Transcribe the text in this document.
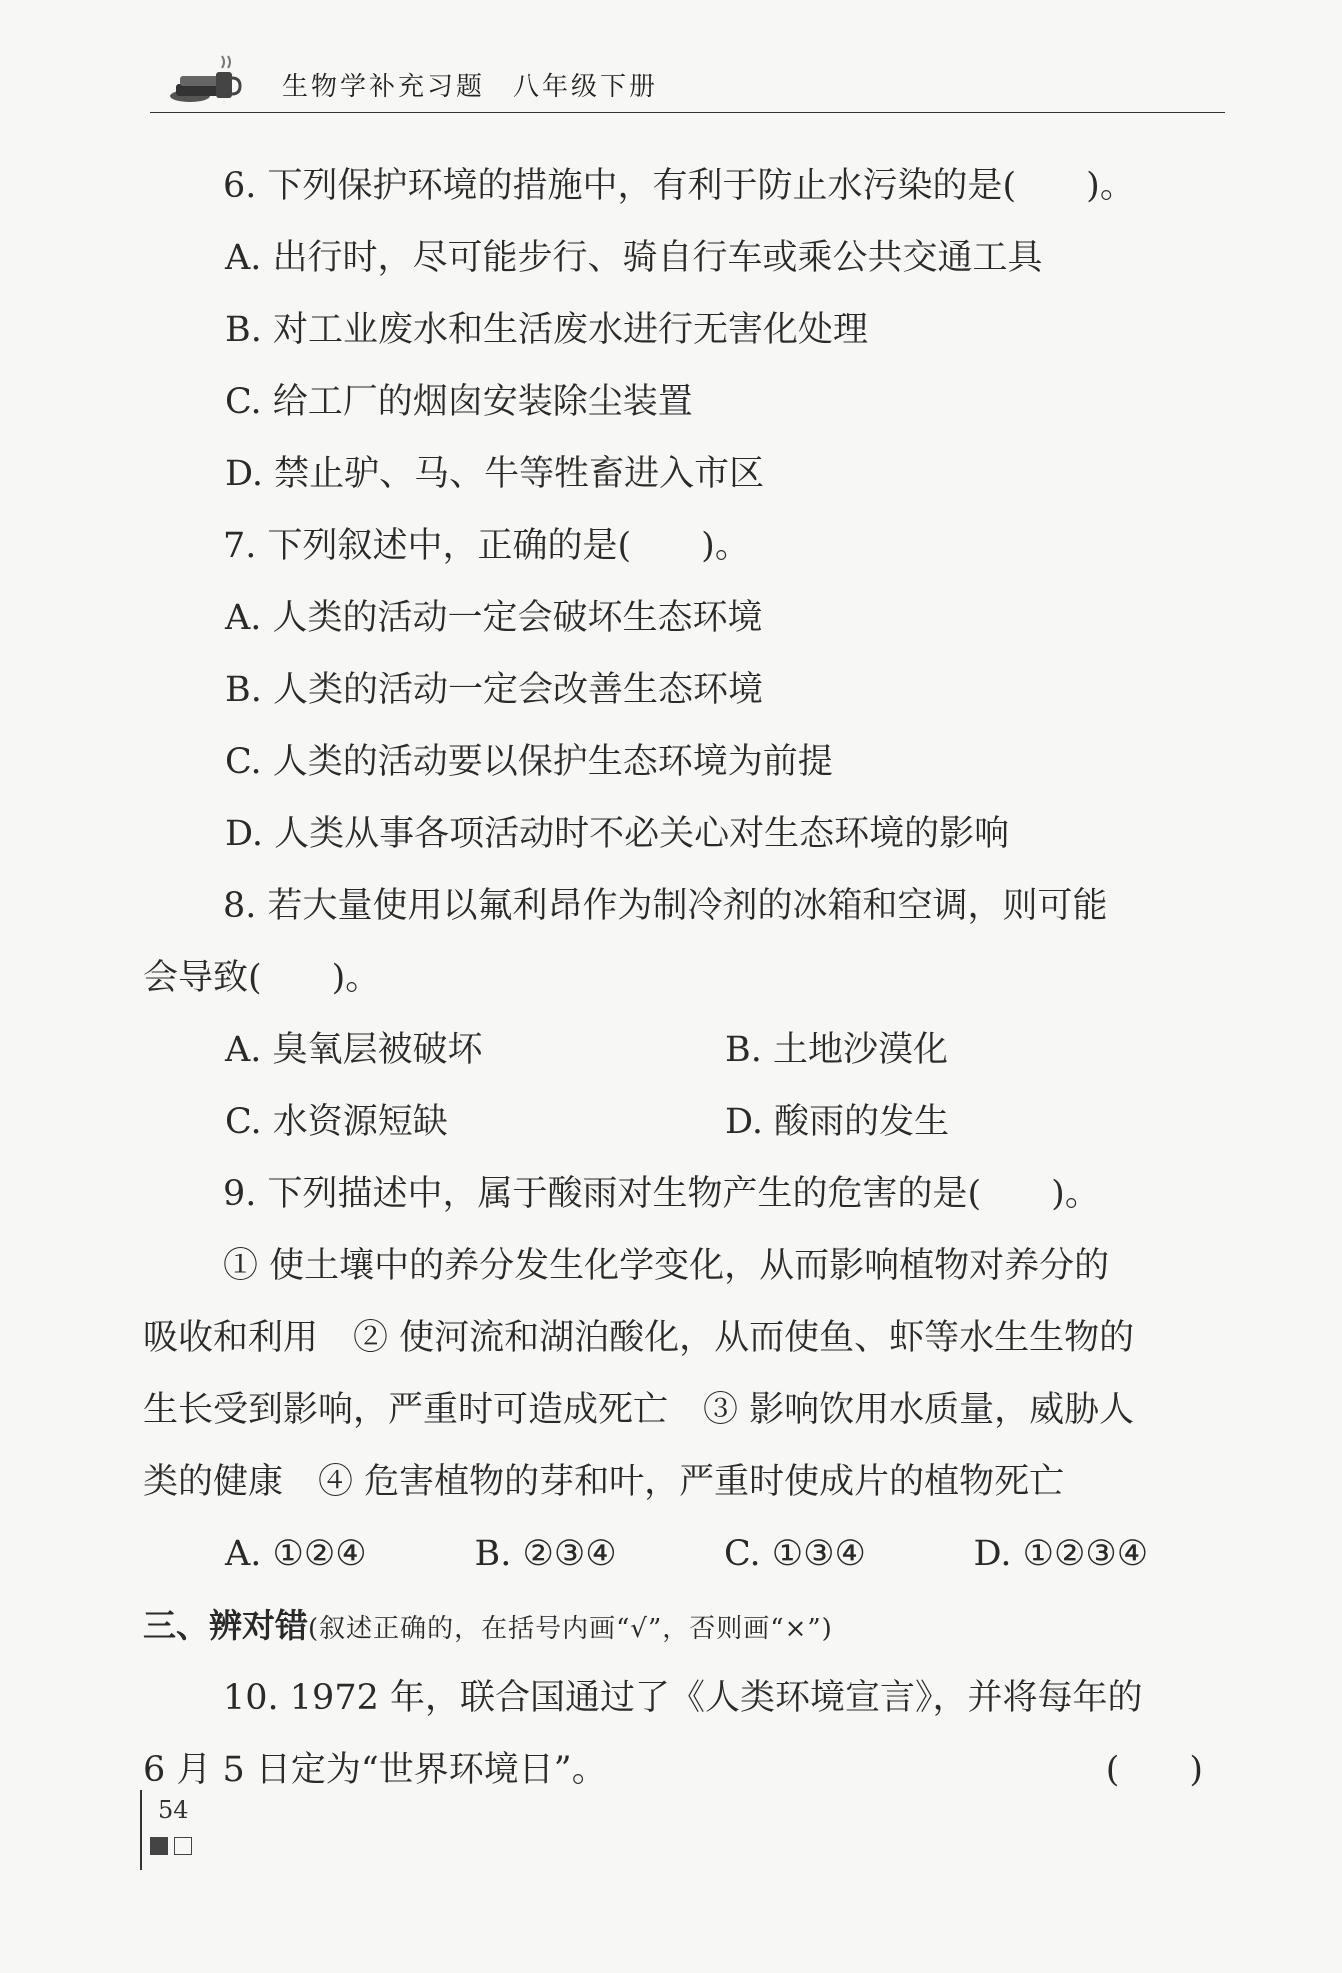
生物学补充习题 八年级下册
6. 下列保护环境的措施中，有利于防止水污染的是(　　)。
A. 出行时，尽可能步行、骑自行车或乘公共交通工具
B. 对工业废水和生活废水进行无害化处理
C. 给工厂的烟囱安装除尘装置
D. 禁止驴、马、牛等牲畜进入市区
7. 下列叙述中，正确的是(　　)。
A. 人类的活动一定会破坏生态环境
B. 人类的活动一定会改善生态环境
C. 人类的活动要以保护生态环境为前提
D. 人类从事各项活动时不必关心对生态环境的影响
8. 若大量使用以氟利昂作为制冷剂的冰箱和空调，则可能
会导致(　　)。
A. 臭氧层被破坏	B. 土地沙漠化
C. 水资源短缺	D. 酸雨的发生
9. 下列描述中，属于酸雨对生物产生的危害的是(　　)。
① 使土壤中的养分发生化学变化，从而影响植物对养分的
吸收和利用　② 使河流和湖泊酸化，从而使鱼、虾等水生生物的
生长受到影响，严重时可造成死亡　③ 影响饮用水质量，威胁人
类的健康　④ 危害植物的芽和叶，严重时使成片的植物死亡
A. ①②④	B. ②③④	C. ①③④	D. ①②③④
三、辨对错(叙述正确的，在括号内画“√”，否则画“×”)
10. 1972 年，联合国通过了《人类环境宣言》，并将每年的
6 月 5 日定为“世界环境日”。	(　　)
54
